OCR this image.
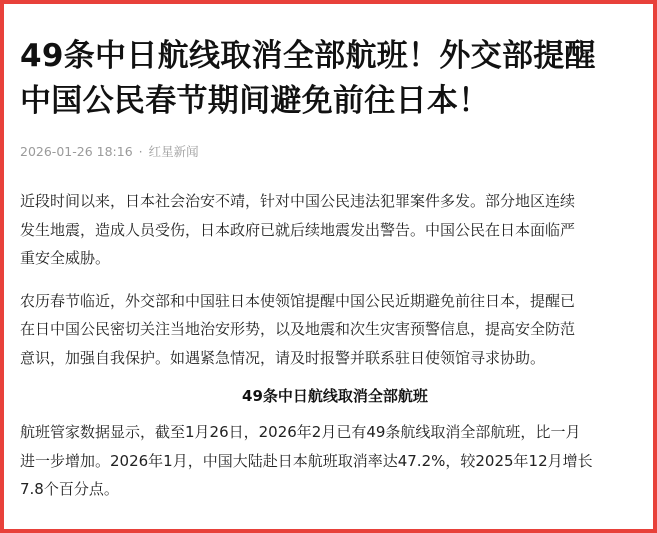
49条中日航线取消全部航班！外交部提醒
中国公民春节期间避免前往日本！
2026-01-26 18:16 · 红星新闻
近段时间以来，日本社会治安不靖，针对中国公民违法犯罪案件多发。部分地区连续
发生地震，造成人员受伤，日本政府已就后续地震发出警告。中国公民在日本面临严
重安全威胁。
农历春节临近，外交部和中国驻日本使领馆提醒中国公民近期避免前往日本，提醒已
在日中国公民密切关注当地治安形势，以及地震和次生灾害预警信息，提高安全防范
意识，加强自我保护。如遇紧急情况，请及时报警并联系驻日使领馆寻求协助。
49条中日航线取消全部航班
航班管家数据显示，截至1月26日，2026年2月已有49条航线取消全部航班，比一月
进一步增加。2026年1月，中国大陆赴日本航班取消率达47.2%，较2025年12月增长
7.8个百分点。
